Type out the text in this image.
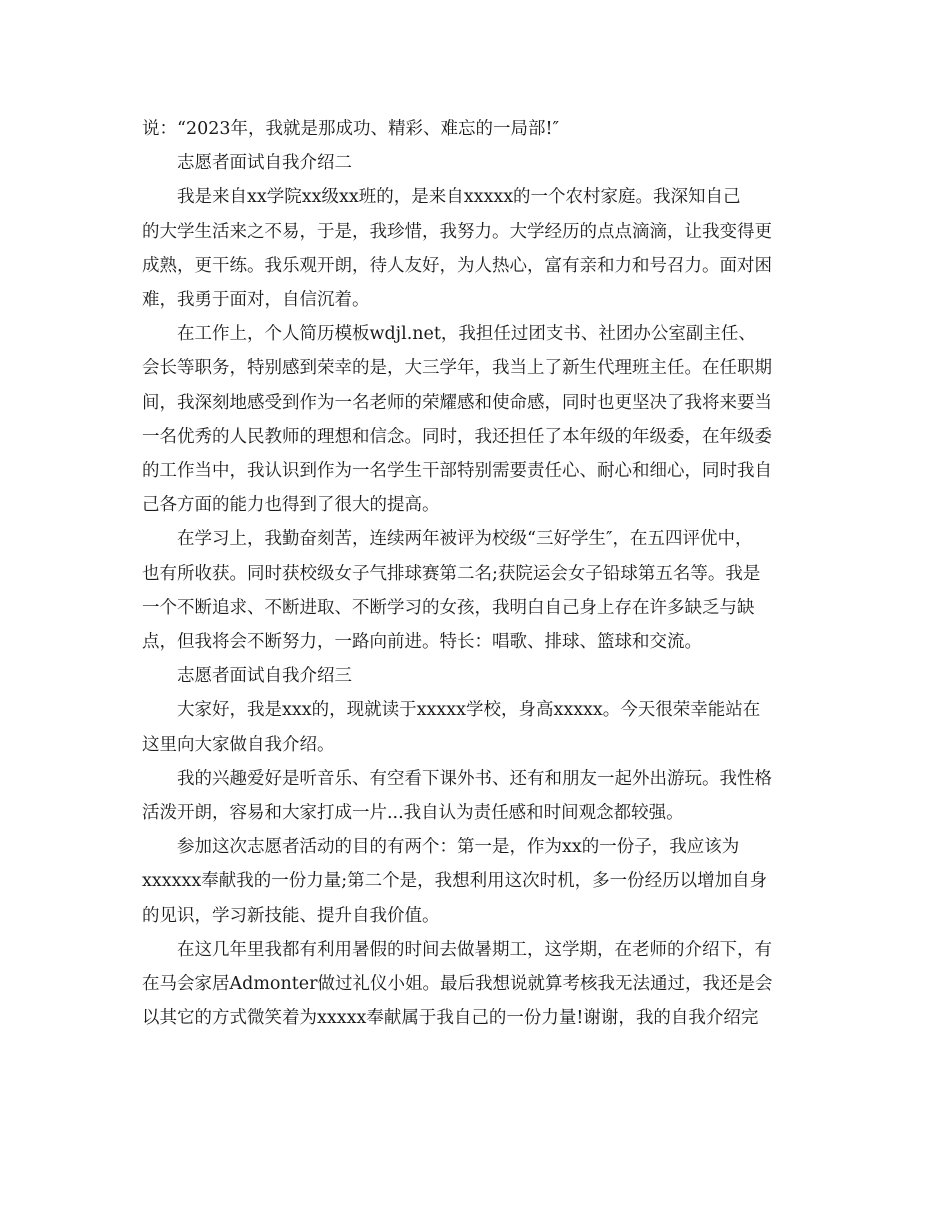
说：“2023年，我就是那成功、精彩、难忘的一局部!″
志愿者面试自我介绍二
我是来自xx学院xx级xx班的，是来自xxxxx的一个农村家庭。我深知自己
的大学生活来之不易，于是，我珍惜，我努力。大学经历的点点滴滴，让我变得更
成熟，更干练。我乐观开朗，待人友好，为人热心，富有亲和力和号召力。面对困
难，我勇于面对，自信沉着。
在工作上，个人简历模板wdjl.net，我担任过团支书、社团办公室副主任、
会长等职务，特别感到荣幸的是，大三学年，我当上了新生代理班主任。在任职期
间，我深刻地感受到作为一名老师的荣耀感和使命感，同时也更坚决了我将来要当
一名优秀的人民教师的理想和信念。同时，我还担任了本年级的年级委，在年级委
的工作当中，我认识到作为一名学生干部特别需要责任心、耐心和细心，同时我自
己各方面的能力也得到了很大的提高。
在学习上，我勤奋刻苦，连续两年被评为校级“三好学生″，在五四评优中，
也有所收获。同时获校级女子气排球赛第二名;获院运会女子铅球第五名等。我是
一个不断追求、不断进取、不断学习的女孩，我明白自己身上存在许多缺乏与缺
点，但我将会不断努力，一路向前进。特长：唱歌、排球、篮球和交流。
志愿者面试自我介绍三
大家好，我是xxx的，现就读于xxxxx学校，身高xxxxx。今天很荣幸能站在
这里向大家做自我介绍。
我的兴趣爱好是听音乐、有空看下课外书、还有和朋友一起外出游玩。我性格
活泼开朗，容易和大家打成一片...我自认为责任感和时间观念都较强。
参加这次志愿者活动的目的有两个：第一是，作为xx的一份子，我应该为
xxxxxx奉献我的一份力量;第二个是，我想利用这次时机，多一份经历以增加自身
的见识，学习新技能、提升自我价值。
在这几年里我都有利用暑假的时间去做暑期工，这学期，在老师的介绍下，有
在马会家居Admonter做过礼仪小姐。最后我想说就算考核我无法通过，我还是会
以其它的方式微笑着为xxxxx奉献属于我自己的一份力量!谢谢，我的自我介绍完
